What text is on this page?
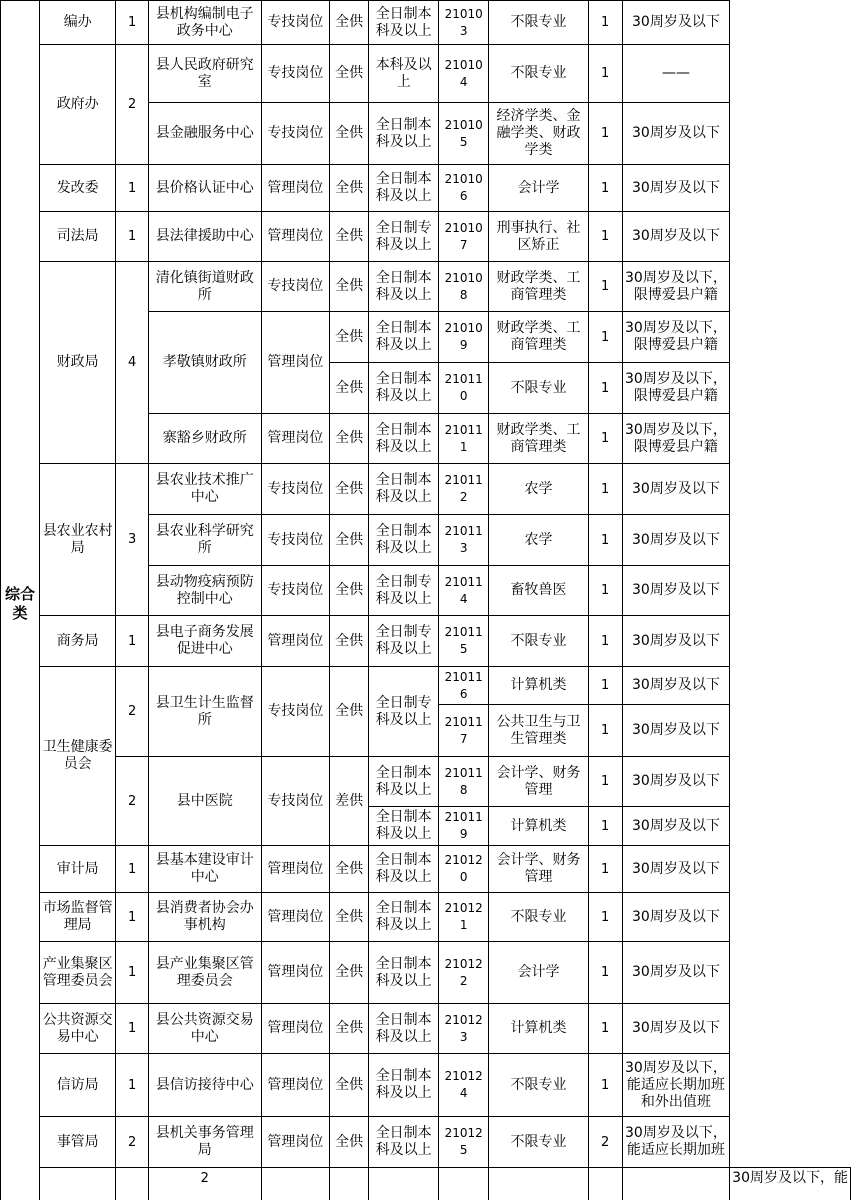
综合类	编办	1	县机构编制电子政务中心	专技岗位	全供	全日制本科及以上	210103	不限专业	1	30周岁及以下	
	政府办	2	县人民政府研究室	专技岗位	全供	本科及以上	210104	不限专业	1	——	
			县金融服务中心	专技岗位	全供	全日制本科及以上	210105	经济学类、金融学类、财政学类	1	30周岁及以下	
	发改委	1	县价格认证中心	管理岗位	全供	全日制本科及以上	210106	会计学	1	30周岁及以下	
	司法局	1	县法律援助中心	管理岗位	全供	全日制专科及以上	210107	刑事执行、社区矫正	1	30周岁及以下	
	财政局	4	清化镇街道财政所	专技岗位	全供	全日制本科及以上	210108	财政学类、工商管理类	1	30周岁及以下，限博爱县户籍	
			孝敬镇财政所	管理岗位	全供	全日制本科及以上	210109	财政学类、工商管理类	1	30周岁及以下，限博爱县户籍	
					全供	全日制本科及以上	210110	不限专业	1	30周岁及以下，限博爱县户籍	
			寨豁乡财政所	管理岗位	全供	全日制本科及以上	210111	财政学类、工商管理类	1	30周岁及以下，限博爱县户籍	
	县农业农村局	3	县农业技术推广中心	专技岗位	全供	全日制本科及以上	210112	农学	1	30周岁及以下	
			县农业科学研究所	专技岗位	全供	全日制本科及以上	210113	农学	1	30周岁及以下	
			县动物疫病预防控制中心	专技岗位	全供	全日制专科及以上	210114	畜牧兽医	1	30周岁及以下	
	商务局	1	县电子商务发展促进中心	管理岗位	全供	全日制专科及以上	210115	不限专业	1	30周岁及以下	
	卫生健康委员会	2	县卫生计生监督所	专技岗位	全供	全日制专科及以上	210116	计算机类	1	30周岁及以下	
							210117	公共卫生与卫生管理类	1	30周岁及以下	
		2	县中医院	专技岗位	差供	全日制本科及以上	210118	会计学、财务管理	1	30周岁及以下	
						全日制本科及以上	210119	计算机类	1	30周岁及以下	
	审计局	1	县基本建设审计中心	管理岗位	全供	全日制本科及以上	210120	会计学、财务管理	1	30周岁及以下	
	市场监督管理局	1	县消费者协会办事机构	管理岗位	全供	全日制本科及以上	210121	不限专业	1	30周岁及以下	
	产业集聚区管理委员会	1	县产业集聚区管理委员会	管理岗位	全供	全日制本科及以上	210122	会计学	1	30周岁及以下	
	公共资源交易中心	1	县公共资源交易中心	管理岗位	全供	全日制本科及以上	210123	计算机类	1	30周岁及以下	
	信访局	1	县信访接待中心	管理岗位	全供	全日制本科及以上	210124	不限专业	1	30周岁及以下，能适应长期加班和外出值班	
	事管局	2	县机关事务管理局	管理岗位	全供	全日制本科及以上	210125	不限专业	2	30周岁及以下，能适应长期加班	
			2								30周岁及以下，能
